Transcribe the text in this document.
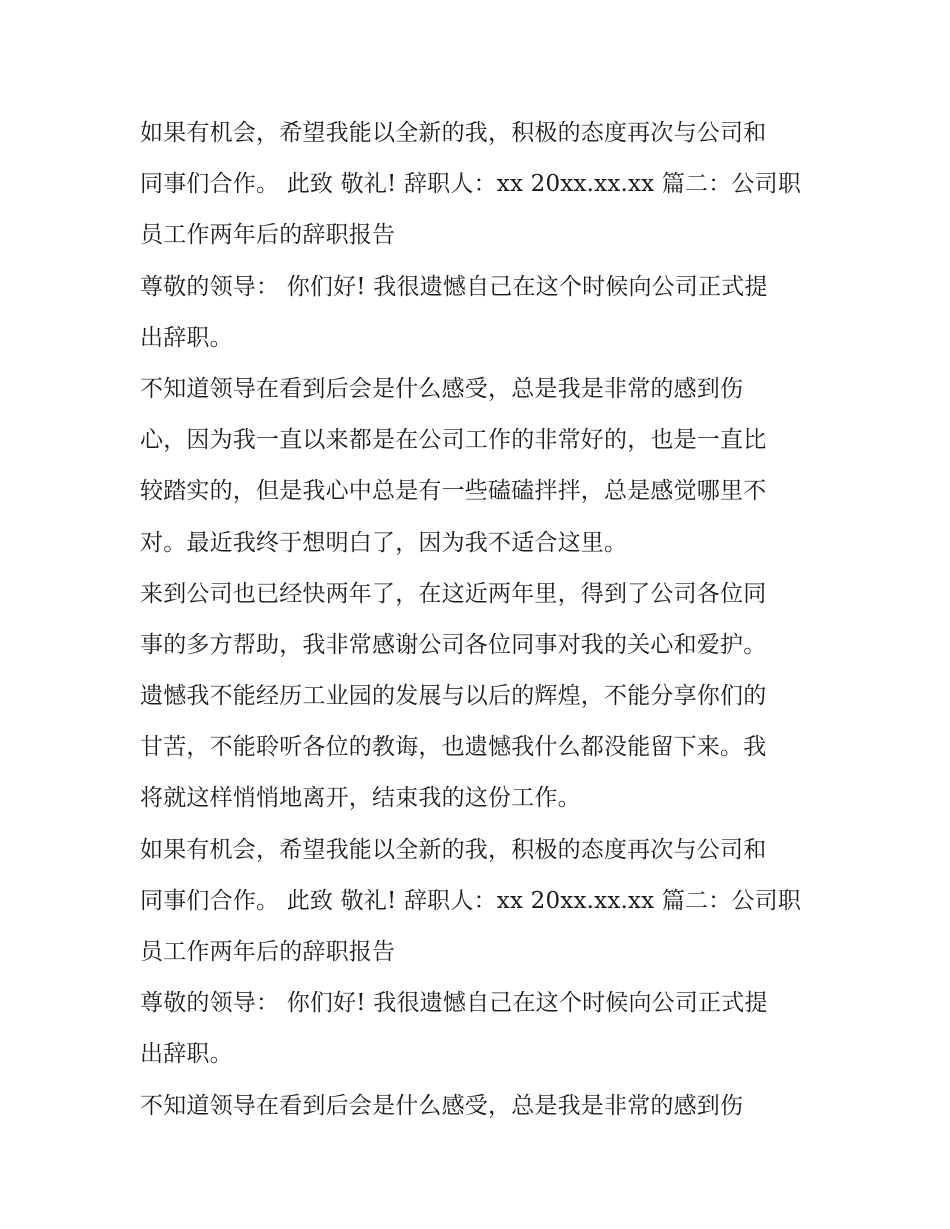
如果有机会，希望我能以全新的我，积极的态度再次与公司和
同事们合作。 此致 敬礼! 辞职人：xx 20xx.xx.xx 篇二：公司职
员工作两年后的辞职报告
尊敬的领导： 你们好! 我很遗憾自己在这个时候向公司正式提
出辞职。
不知道领导在看到后会是什么感受，总是我是非常的感到伤
心，因为我一直以来都是在公司工作的非常好的，也是一直比
较踏实的，但是我心中总是有一些磕磕拌拌，总是感觉哪里不
对。最近我终于想明白了，因为我不适合这里。
来到公司也已经快两年了，在这近两年里，得到了公司各位同
事的多方帮助，我非常感谢公司各位同事对我的关心和爱护。
遗憾我不能经历工业园的发展与以后的辉煌，不能分享你们的
甘苦，不能聆听各位的教诲，也遗憾我什么都没能留下来。我
将就这样悄悄地离开，结束我的这份工作。
如果有机会，希望我能以全新的我，积极的态度再次与公司和
同事们合作。 此致 敬礼! 辞职人：xx 20xx.xx.xx 篇二：公司职
员工作两年后的辞职报告
尊敬的领导： 你们好! 我很遗憾自己在这个时候向公司正式提
出辞职。
不知道领导在看到后会是什么感受，总是我是非常的感到伤
